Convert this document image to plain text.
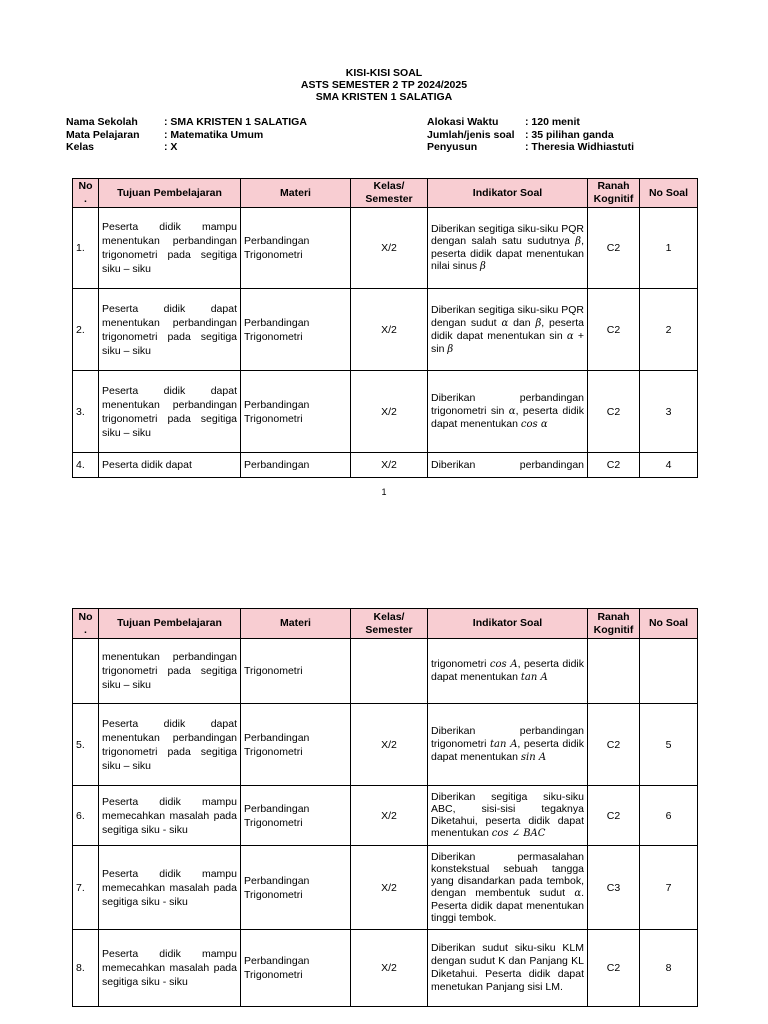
KISI-KISI SOAL
ASTS SEMESTER 2 TP 2024/2025
SMA KRISTEN 1 SALATIGA
Nama Sekolah	: SMA KRISTEN 1 SALATIGA
Mata Pelajaran	: Matematika Umum
Kelas	: X
Alokasi Waktu	: 120 menit
Jumlah/jenis soal : 35 pilihan ganda
Penyusun	: Theresia Widhiastuti
No .	Tujuan Pembelajaran	Materi	Kelas/ Semester	Indikator Soal	Ranah Kognitif	No Soal
1.	Peserta didik mampu menentukan perbandingan trigonometri pada segitiga siku – siku	Perbandingan Trigonometri	X/2	Diberikan segitiga siku-siku PQR dengan salah satu sudutnya β, peserta didik dapat menentukan nilai sinus β	C2	1
2.	Peserta didik dapat menentukan perbandingan trigonometri pada segitiga siku – siku	Perbandingan Trigonometri	X/2	Diberikan segitiga siku-siku PQR dengan sudut α dan β, peserta didik dapat menentukan sin α + sin β	C2	2
3.	Peserta didik dapat menentukan perbandingan trigonometri pada segitiga siku – siku	Perbandingan Trigonometri	X/2	Diberikan perbandingan trigonometri sin α, peserta didik dapat menentukan cos α	C2	3
4.	Peserta didik dapat	Perbandingan	X/2	Diberikan perbandingan	C2	4
1
No .	Tujuan Pembelajaran	Materi	Kelas/ Semester	Indikator Soal	Ranah Kognitif	No Soal
	menentukan perbandingan trigonometri pada segitiga siku – siku	Trigonometri		trigonometri cos A, peserta didik dapat menentukan tan A		
5.	Peserta didik dapat menentukan perbandingan trigonometri pada segitiga siku – siku	Perbandingan Trigonometri	X/2	Diberikan perbandingan trigonometri tan A, peserta didik dapat menentukan sin A	C2	5
6.	Peserta didik mampu memecahkan masalah pada segitiga siku - siku	Perbandingan Trigonometri	X/2	Diberikan segitiga siku-siku ABC, sisi-sisi tegaknya Diketahui, peserta didik dapat menentukan cos ∠ BAC	C2	6
7.	Peserta didik mampu memecahkan masalah pada segitiga siku - siku	Perbandingan Trigonometri	X/2	Diberikan permasalahan konstekstual sebuah tangga yang disandarkan pada tembok, dengan membentuk sudut α. Peserta didik dapat menentukan tinggi tembok.	C3	7
8.	Peserta didik mampu memecahkan masalah pada segitiga siku - siku	Perbandingan Trigonometri	X/2	Diberikan sudut siku-siku KLM dengan sudut K dan Panjang KL Diketahui. Peserta didik dapat menetukan Panjang sisi LM.	C2	8
